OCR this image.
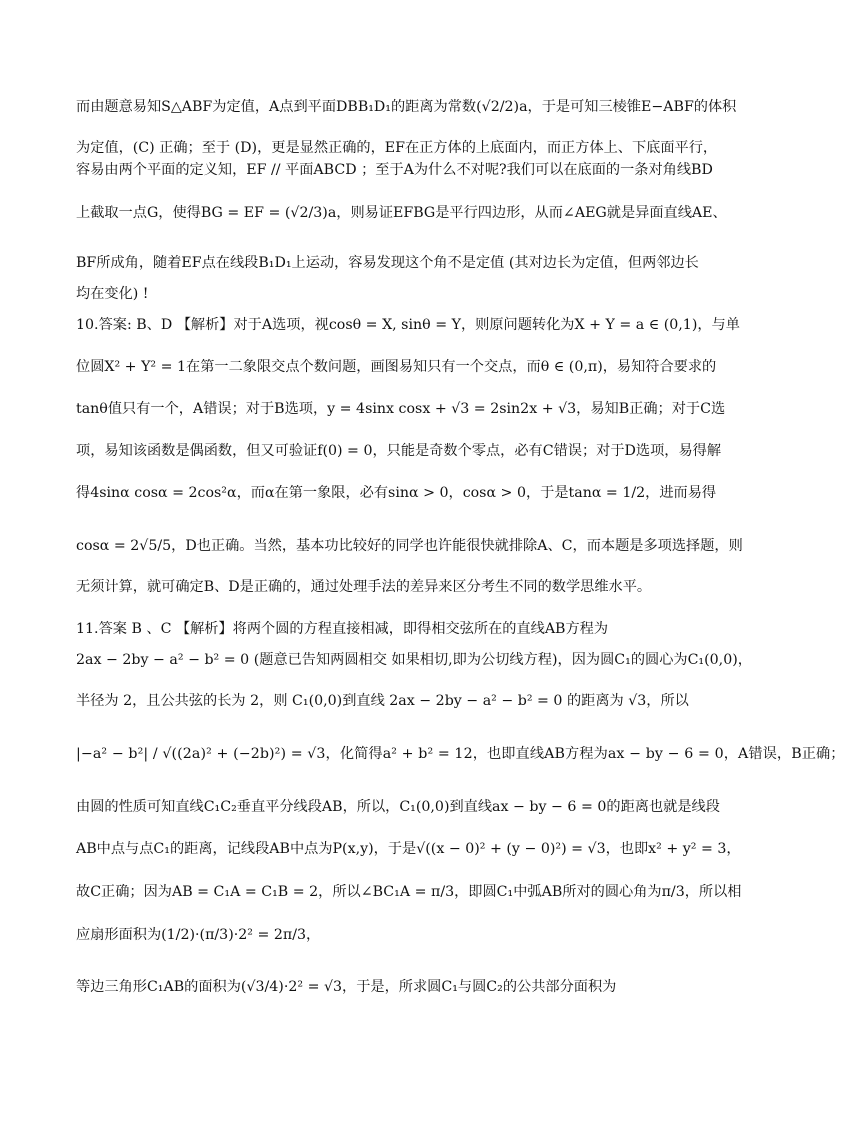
而由题意易知S△ABF为定值，A点到平面DBB₁D₁的距离为常数(√2/2)a，于是可知三棱锥E−ABF的体积
为定值，(C) 正确；至于 (D)，更是显然正确的，EF在正方体的上底面内，而正方体上、下底面平行，
容易由两个平面的定义知，EF // 平面ABCD ；至于A为什么不对呢?我们可以在底面的一条对角线BD
上截取一点G，使得BG = EF = (√2/3)a，则易证EFBG是平行四边形，从而∠AEG就是异面直线AE、
BF所成角，随着EF点在线段B₁D₁上运动，容易发现这个角不是定值 (其对边长为定值，但两邻边长
均在变化) !
10.答案: B、D 【解析】对于A选项，视cosθ = X, sinθ = Y，则原问题转化为X + Y = a ∈ (0,1)，与单
位圆X² + Y² = 1在第一二象限交点个数问题，画图易知只有一个交点，而θ ∈ (0,π)，易知符合要求的
tanθ值只有一个，A错误；对于B选项，y = 4sinx cosx + √3 = 2sin2x + √3，易知B正确；对于C选
项，易知该函数是偶函数，但又可验证f(0) = 0，只能是奇数个零点，必有C错误；对于D选项，易得解
得4sinα cosα = 2cos²α，而α在第一象限，必有sinα > 0，cosα > 0，于是tanα = 1/2，进而易得
cosα = 2√5/5，D也正确。当然，基本功比较好的同学也许能很快就排除A、C，而本题是多项选择题，则
无须计算，就可确定B、D是正确的，通过处理手法的差异来区分考生不同的数学思维水平。
11.答案 B 、C 【解析】将两个圆的方程直接相减，即得相交弦所在的直线AB方程为
2ax − 2by − a² − b² = 0 (题意已告知两圆相交 如果相切,即为公切线方程)，因为圆C₁的圆心为C₁(0,0)，
半径为 2，且公共弦的长为 2，则 C₁(0,0)到直线 2ax − 2by − a² − b² = 0 的距离为 √3，所以
|−a² − b²| / √((2a)² + (−2b)²) = √3，化简得a² + b² = 12，也即直线AB方程为ax − by − 6 = 0，A错误，B正确；
由圆的性质可知直线C₁C₂垂直平分线段AB，所以，C₁(0,0)到直线ax − by − 6 = 0的距离也就是线段
AB中点与点C₁的距离，记线段AB中点为P(x,y)，于是√((x − 0)² + (y − 0)²) = √3，也即x² + y² = 3，
故C正确；因为AB = C₁A = C₁B = 2，所以∠BC₁A = π/3，即圆C₁中弧AB所对的圆心角为π/3，所以相
应扇形面积为(1/2)·(π/3)·2² = 2π/3，
等边三角形C₁AB的面积为(√3/4)·2² = √3，于是，所求圆C₁与圆C₂的公共部分面积为
